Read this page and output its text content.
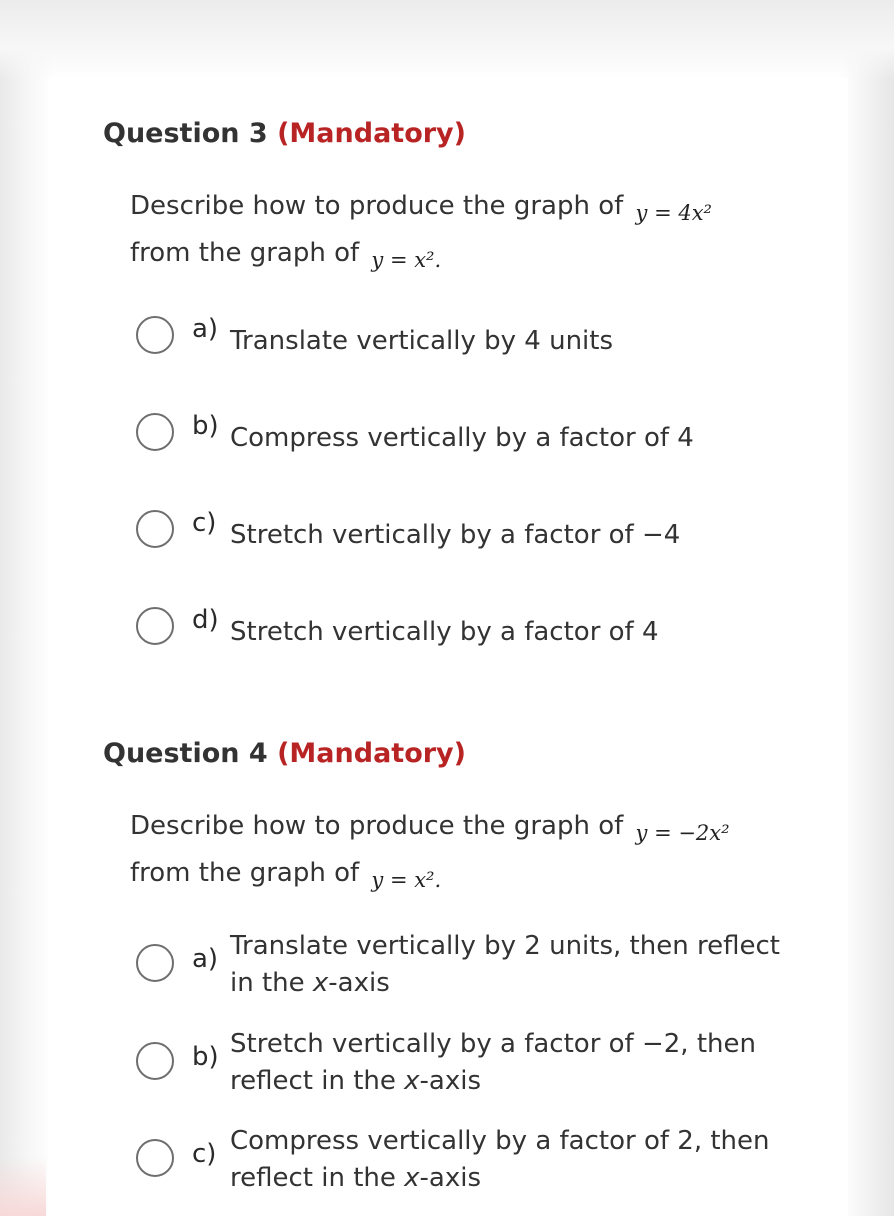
Question 3 (Mandatory)
Describe how to produce the graph of $_{y = 4x^2}$
from the graph of $_{y = x^2.}$
a) Translate vertically by 4 units
b) Compress vertically by a factor of 4
c) Stretch vertically by a factor of −4
d) Stretch vertically by a factor of 4
Question 4 (Mandatory)
Describe how to produce the graph of $_{y = -2x^2}$
from the graph of $_{y = x^2.}$
a) Translate vertically by 2 units, then reflect in the x-axis
b) Stretch vertically by a factor of −2, then reflect in the x-axis
c) Compress vertically by a factor of 2, then reflect in the x-axis
